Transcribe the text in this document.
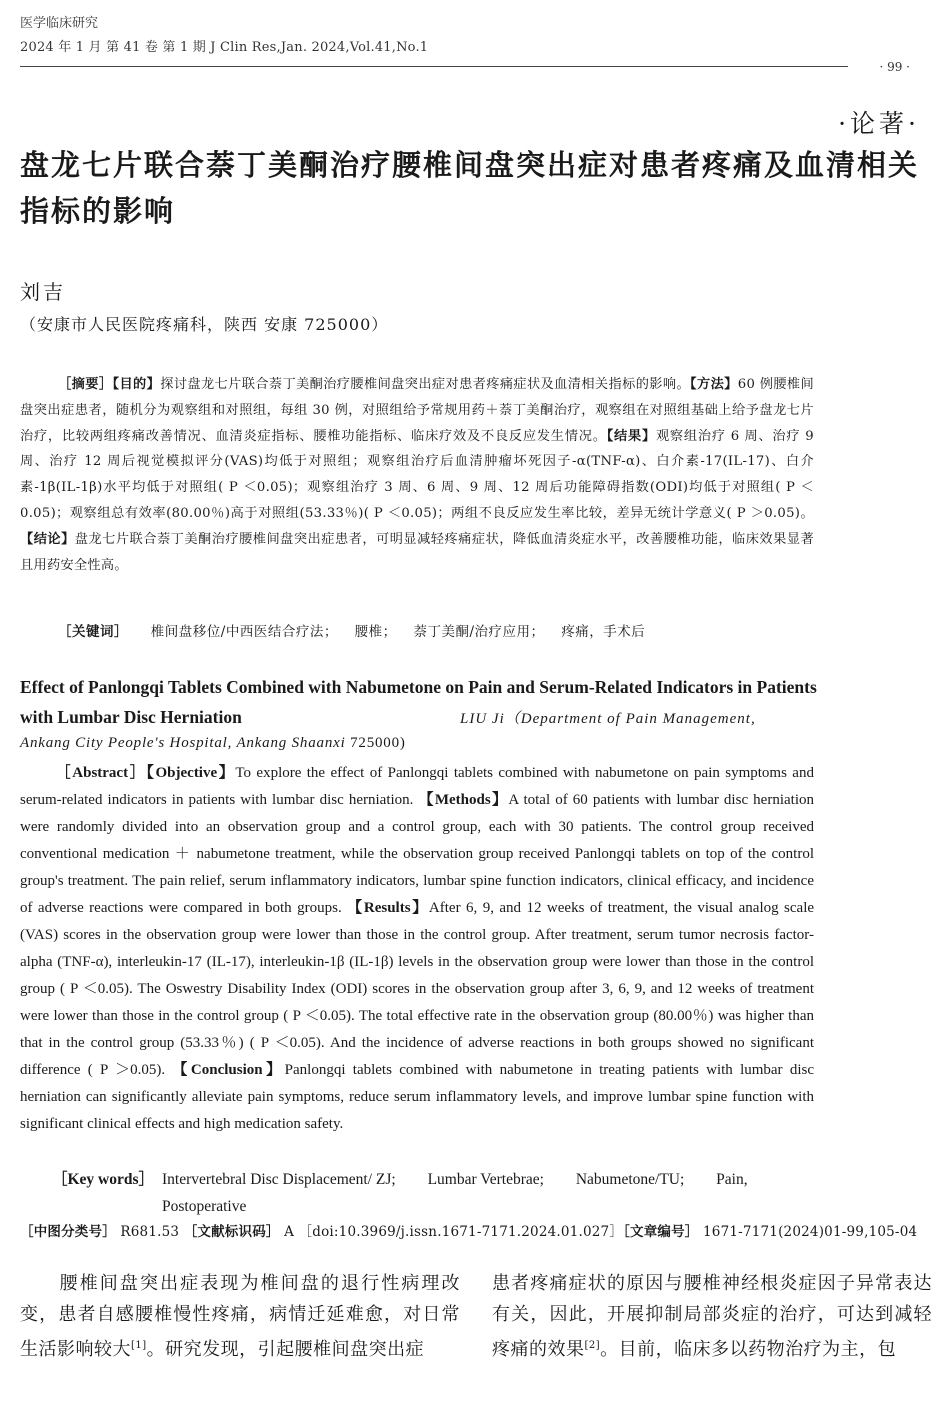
医学临床研究
2024 年 1 月 第 41 卷 第 1 期 J Clin Res,Jan. 2024,Vol.41,No.1
· 99 ·
·论著·
盘龙七片联合萘丁美酮治疗腰椎间盘突出症对患者疼痛及血清相关指标的影响
刘吉
（安康市人民医院疼痛科，陕西 安康 725000）
［摘要］【目的】探讨盘龙七片联合萘丁美酮治疗腰椎间盘突出症对患者疼痛症状及血清相关指标的影响。【方法】60 例腰椎间盘突出症患者，随机分为观察组和对照组，每组 30 例，对照组给予常规用药＋萘丁美酮治疗，观察组在对照组基础上给予盘龙七片治疗，比较两组疼痛改善情况、血清炎症指标、腰椎功能指标、临床疗效及不良反应发生情况。【结果】观察组治疗 6 周、治疗 9 周、治疗 12 周后视觉模拟评分(VAS)均低于对照组；观察组治疗后血清肿瘤坏死因子-α(TNF-α)、白介素-17(IL-17)、白介素-1β(IL-1β)水平均低于对照组( P ＜0.05)；观察组治疗 3 周、6 周、9 周、12 周后功能障碍指数(ODI)均低于对照组( P ＜0.05)；观察组总有效率(80.00％)高于对照组(53.33％)( P ＜0.05)；两组不良反应发生率比较，差异无统计学意义( P ＞0.05)。【结论】盘龙七片联合萘丁美酮治疗腰椎间盘突出症患者，可明显减轻疼痛症状，降低血清炎症水平，改善腰椎功能，临床效果显著且用药安全性高。
［关键词］ 椎间盘移位/中西医结合疗法； 腰椎； 萘丁美酮/治疗应用； 疼痛，手术后
Effect of Panlongqi Tablets Combined with Nabumetone on Pain and Serum-Related Indicators in Patients with Lumbar Disc Herniation	LIU Ji（Department of Pain Management,
Ankang City People's Hospital, Ankang Shaanxi 725000)
［Abstract］【Objective】To explore the effect of Panlongqi tablets combined with nabumetone on pain symptoms and serum-related indicators in patients with lumbar disc herniation. 【Methods】A total of 60 patients with lumbar disc herniation were randomly divided into an observation group and a control group, each with 30 patients. The control group received conventional medication ＋ nabumetone treatment, while the observation group received Panlongqi tablets on top of the control group's treatment. The pain relief, serum inflammatory indicators, lumbar spine function indicators, clinical efficacy, and incidence of adverse reactions were compared in both groups. 【Results】After 6, 9, and 12 weeks of treatment, the visual analog scale (VAS) scores in the observation group were lower than those in the control group. After treatment, serum tumor necrosis factor-alpha (TNF-α), interleukin-17 (IL-17), interleukin-1β (IL-1β) levels in the observation group were lower than those in the control group ( P ＜0.05). The Oswestry Disability Index (ODI) scores in the observation group after 3, 6, 9, and 12 weeks of treatment were lower than those in the control group ( P ＜0.05). The total effective rate in the observation group (80.00％) was higher than that in the control group (53.33％) ( P ＜0.05). And the incidence of adverse reactions in both groups showed no significant difference ( P ＞0.05). 【Conclusion】Panlongqi tablets combined with nabumetone in treating patients with lumbar disc herniation can significantly alleviate pain symptoms, reduce serum inflammatory levels, and improve lumbar spine function with significant clinical effects and high medication safety.
［Key words］ Intervertebral Disc Displacement/ ZJ; Lumbar Vertebrae; Nabumetone/TU; Pain, Postoperative
［中图分类号］ R681.53 ［文献标识码］ A ［doi:10.3969/j.issn.1671-7171.2024.01.027］［文章编号］ 1671-7171(2024)01-99,105-04
腰椎间盘突出症表现为椎间盘的退行性病理改变，患者自感腰椎慢性疼痛，病情迁延难愈，对日常生活影响较大[1]。研究发现，引起腰椎间盘突出症
患者疼痛症状的原因与腰椎神经根炎症因子异常表达有关，因此，开展抑制局部炎症的治疗，可达到减轻疼痛的效果[2]。目前，临床多以药物治疗为主，包
